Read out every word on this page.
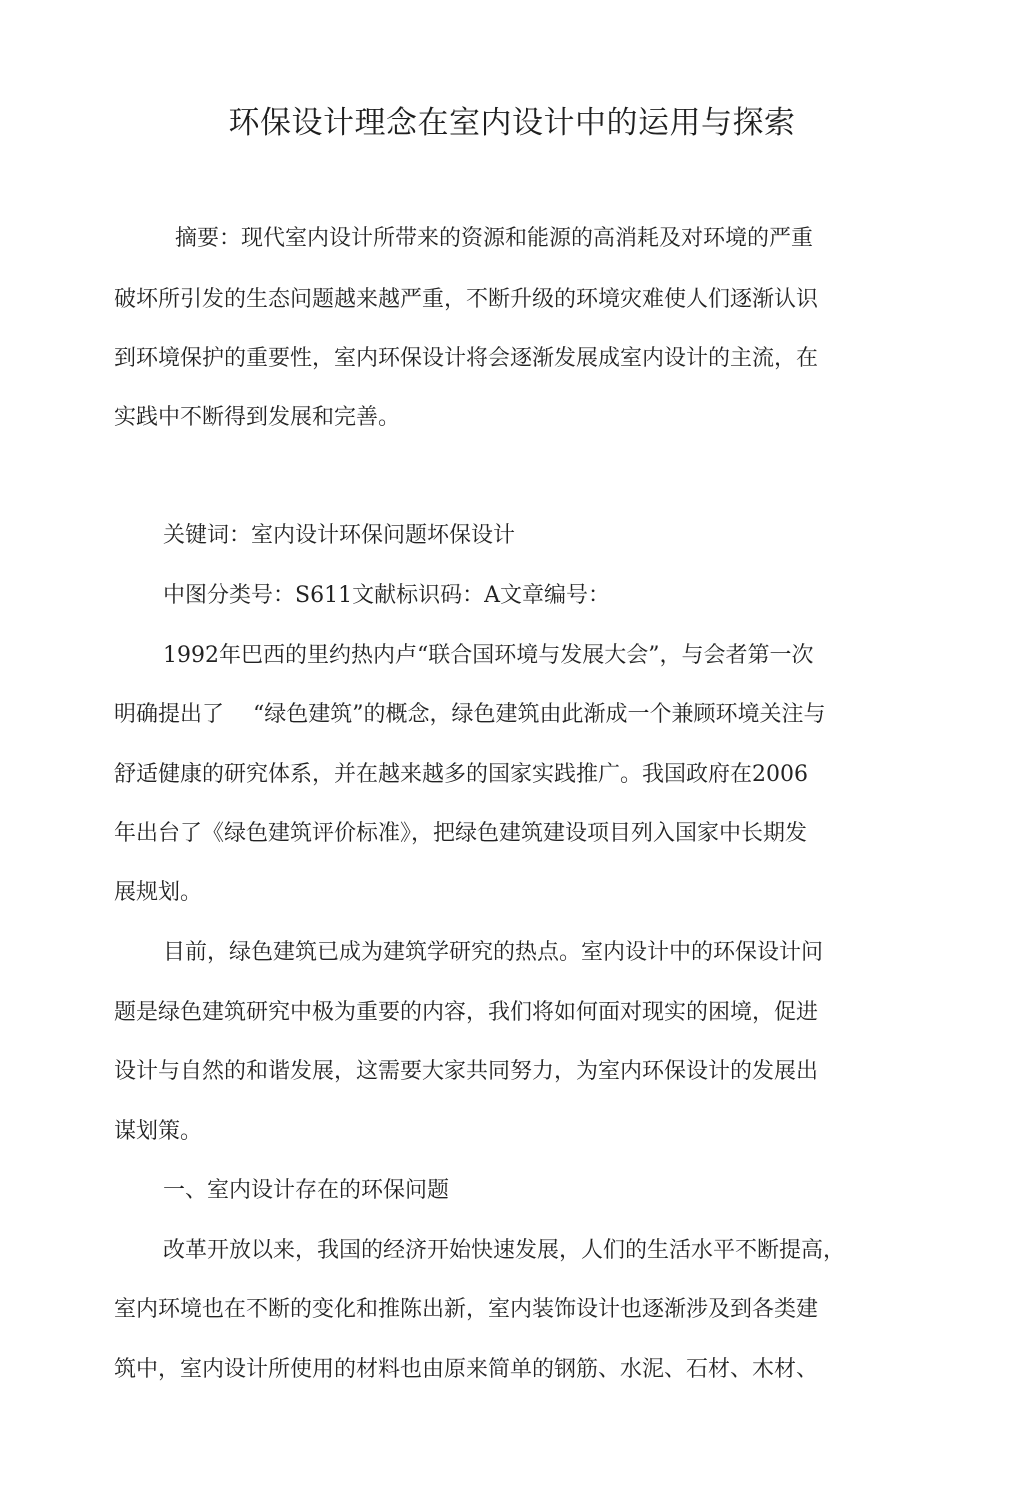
环保设计理念在室内设计中的运用与探索

摘要：现代室内设计所带来的资源和能源的高消耗及对环境的严重

破坏所引发的生态问题越来越严重，不断升级的环境灾难使人们逐渐认识

到环境保护的重要性，室内环保设计将会逐渐发展成室内设计的主流，在

实践中不断得到发展和完善。

关键词：室内设计环保问题坏保设计

中图分类号：S611文献标识码：A文章编号：

1992年巴西的里约热内卢“联合国环境与发展大会”，与会者第一次

明确提出了　 “绿色建筑”的概念，绿色建筑由此渐成一个兼顾环境关注与

舒适健康的研究体系，并在越来越多的国家实践推广。我国政府在2006

年出台了《绿色建筑评价标准》，把绿色建筑建设项目列入国家中长期发

展规划。

目前，绿色建筑已成为建筑学研究的热点。室内设计中的环保设计问

题是绿色建筑研究中极为重要的内容，我们将如何面对现实的困境，促进

设计与自然的和谐发展，这需要大家共同努力，为室内环保设计的发展出

谋划策。

一、室内设计存在的环保问题

改革开放以来，我国的经济开始快速发展，人们的生活水平不断提高，

室内环境也在不断的变化和推陈出新，室内装饰设计也逐渐涉及到各类建

筑中，室内设计所使用的材料也由原来简单的钢筋、水泥、石材、木材、
